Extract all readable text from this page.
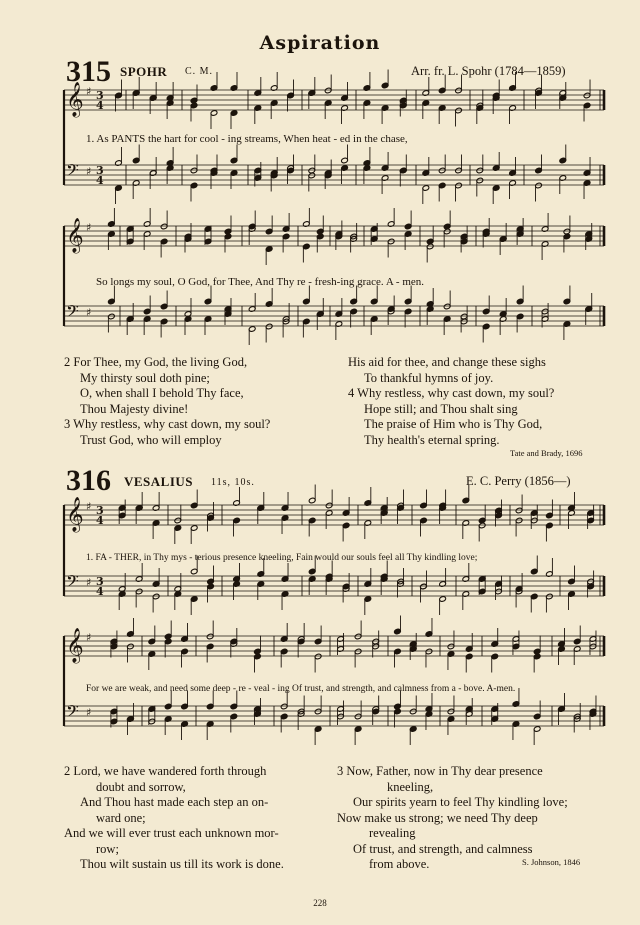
𝄞 ♯ 3
4
𝄢 ♯ 3
4
𝄞 ♯
𝄢 ♯
𝄞 ♯ 3
4
𝄢 ♯ 3
4
𝄞 ♯
𝄢 ♯
Aspiration
315 SPOHR C. M.	Arr. fr. L. Spohr (1784—1859)
1. As PANTS the hart for cool - ing streams, When heat - ed in the chase,
So longs my soul, O God, for Thee, And Thy re - fresh-ing grace. A - men.
2 For Thee, my God, the living God,
My thirsty soul doth pine;
O, when shall I behold Thy face,
Thou Majesty divine!
3 Why restless, why cast down, my soul?
Trust God, who will employ
His aid for thee, and change these sighs
To thankful hymns of joy.
4 Why restless, why cast down, my soul?
Hope still; and Thou shalt sing
The praise of Him who is Thy God,
Thy health's eternal spring.
Tate and Brady, 1696
316 VESALIUS 11s, 10s.	E. C. Perry (1856—)
1. FA - THER, in Thy mys - terious presence kneeling, Fain would our souls feel all Thy kindling love;
For we are weak, and need some deep - re - veal - ing Of trust, and strength, and calmness from a - bove. A-men.
2 Lord, we have wandered forth through
doubt and sorrow,
And Thou hast made each step an on-
ward one;
And we will ever trust each unknown mor-
row;
Thou wilt sustain us till its work is done.
3 Now, Father, now in Thy dear presence
kneeling,
Our spirits yearn to feel Thy kindling love;
Now make us strong; we need Thy deep
revealing
Of trust, and strength, and calmness
from above.	S. Johnson, 1846
228
